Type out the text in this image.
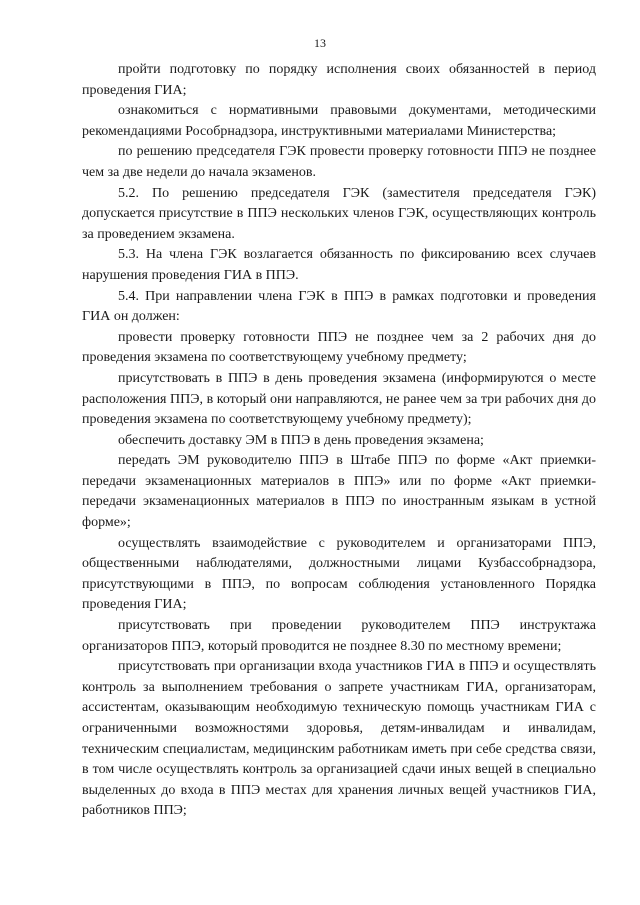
13

пройти подготовку по порядку исполнения своих обязанностей в период проведения ГИА;

ознакомиться с нормативными правовыми документами, методическими рекомендациями Рособрнадзора, инструктивными материалами Министерства;

по решению председателя ГЭК провести проверку готовности ППЭ не позднее чем за две недели до начала экзаменов.

5.2. По решению председателя ГЭК (заместителя председателя ГЭК) допускается присутствие в ППЭ нескольких членов ГЭК, осуществляющих контроль за проведением экзамена.

5.3. На члена ГЭК возлагается обязанность по фиксированию всех случаев нарушения проведения ГИА в ППЭ.

5.4. При направлении члена ГЭК в ППЭ в рамках подготовки и проведения ГИА он должен:

провести проверку готовности ППЭ не позднее чем за 2 рабочих дня до проведения экзамена по соответствующему учебному предмету;

присутствовать в ППЭ в день проведения экзамена (информируются о месте расположения ППЭ, в который они направляются, не ранее чем за три рабочих дня до проведения экзамена по соответствующему учебному предмету);

обеспечить доставку ЭМ в ППЭ в день проведения экзамена;

передать ЭМ руководителю ППЭ в Штабе ППЭ по форме «Акт приемки-передачи экзаменационных материалов в ППЭ» или по форме «Акт приемки-передачи экзаменационных материалов в ППЭ по иностранным языкам в устной форме»;

осуществлять взаимодействие с руководителем и организаторами ППЭ, общественными наблюдателями, должностными лицами Кузбассобрнадзора, присутствующими в ППЭ, по вопросам соблюдения установленного Порядка проведения ГИА;

присутствовать при проведении руководителем ППЭ инструктажа организаторов ППЭ, который проводится не позднее 8.30 по местному времени;

присутствовать при организации входа участников ГИА в ППЭ и осуществлять контроль за выполнением требования о запрете участникам ГИА, организаторам, ассистентам, оказывающим необходимую техническую помощь участникам ГИА с ограниченными возможностями здоровья, детям-инвалидам и инвалидам, техническим специалистам, медицинским работникам иметь при себе средства связи, в том числе осуществлять контроль за организацией сдачи иных вещей в специально выделенных до входа в ППЭ местах для хранения личных вещей участников ГИА, работников ППЭ;
